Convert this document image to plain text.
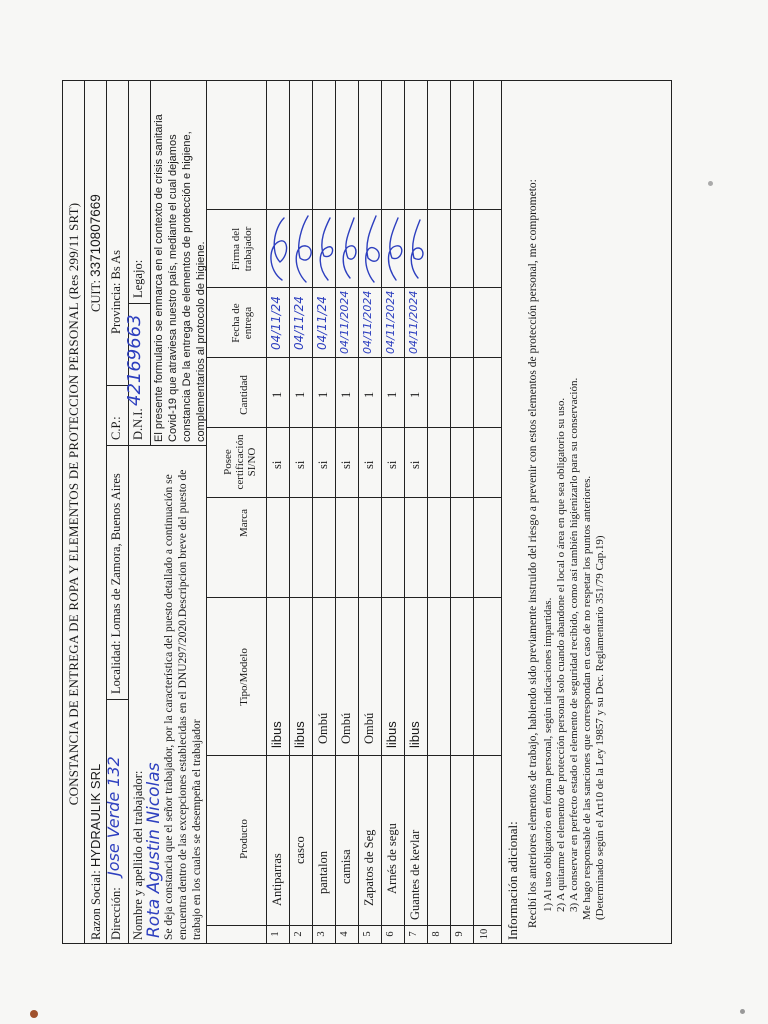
CONSTANCIA DE ENTREGA DE ROPA Y ELEMENTOS DE PROTECCION PERSONAL (Res 299/11 SRT)
Razon Social: HYDRAULIK SRL
CUIT: 33710807669
Dirección:
Jose Verde 132
Localidad: Lomas de Zamora, Buenos Aires
C.P.:
Provincia: Bs As
Nombre y apellido del trabajador: Rota Agustin Nicolas
D.N.I.
42169663
Legajo:
Se deja constancia que el señor trabajador, por la característica del puesto detallado a continuación se encuentra dentro de las excepciones establecidas en el DNU297/2020.Descripcion breve del puesto de trabajo en los cuales se desempeña el trabajador
El presente formulario se enmarca en el contexto de crisis sanitaria Covid-19 que atraviesa nuestro país, mediante el cual dejamos constancia De la entrega de elementos de protección e higiene, complementarios al protocolo de higiene.
Producto
Tipo/Modelo
Marca
Posee certificación SI/NO
Cantidad
Fecha de entrega
Firma del trabajador
1
Antiparras
libus
si
1
04/11/24
2
casco
libus
si
1
04/11/24
3
pantalon
Ombú
si
1
04/11/24
4
camisa
Ombú
si
1
04/11/2024
5
Zapatos de Seg
Ombú
si
1
04/11/2024
6
Arnés de segu
libus
si
1
04/11/2024
7
Guantes de kevlar
libus
si
1
04/11/2024
8 9 10 Información adicional: Recibí los anteriores elementos de trabajo, habiendo sido previamente instruido del riesgo a prevenir con estos elementos de protección personal, me comprometo: 1) Al uso obligatorio en forma personal, según indicaciones impartidas. 2) A quitarme el elemento de protección personal solo cuando abandone el local o área en que sea obligatorio su uso. 3) A conservar en perfecto estado el elemento de seguridad recibido, como así también higienizarlo para su conservación. Me hago responsable de las sanciones que correspondan en caso de no respetar los puntos anteriores. (Determinado según el Art10 de la Ley 19857 y su Dec. Reglamentario 351/79 Cap.19)
